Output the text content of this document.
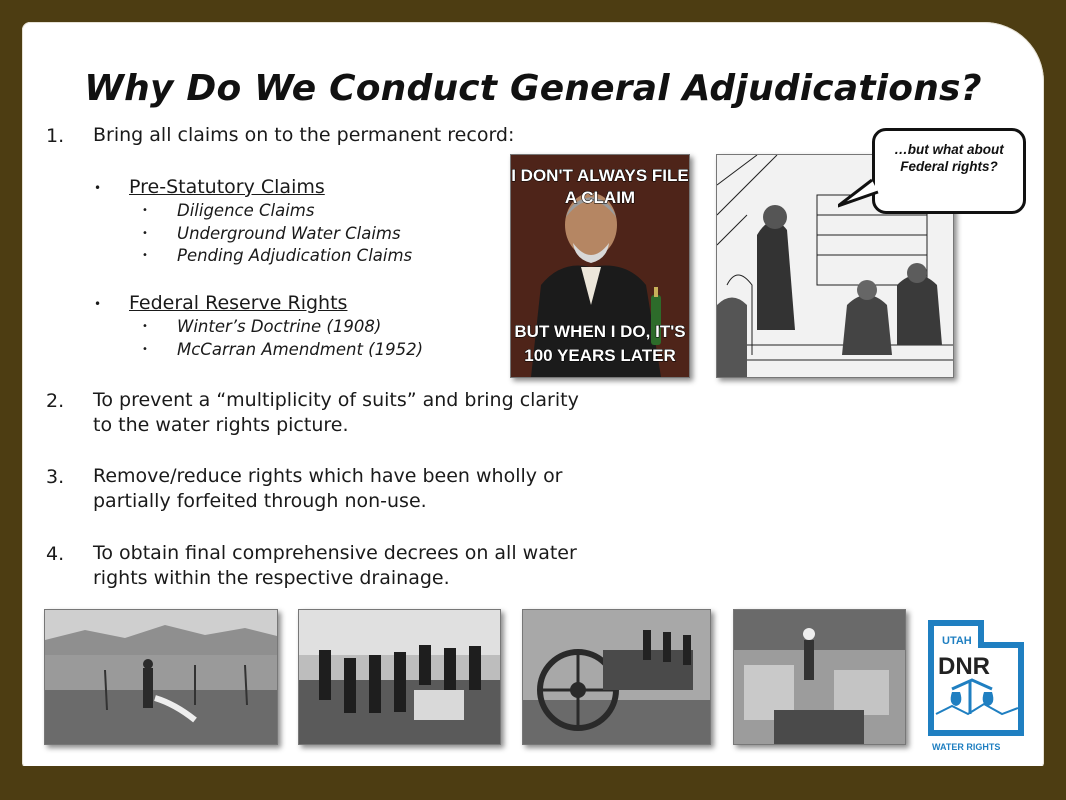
Why Do We Conduct General Adjudications?
1. Bring all claims on to the permanent record:
• Pre-Statutory Claims
• Diligence Claims
• Underground Water Claims
• Pending Adjudication Claims
• Federal Reserve Rights
• Winter’s Doctrine (1908)
• McCarran Amendment (1952)
2. To prevent a “multiplicity of suits” and bring clarity
to the water rights picture.
3. Remove/reduce rights which have been wholly or
partially forfeited through non-use.
4. To obtain final comprehensive decrees on all water
rights within the respective drainage.
I DON'T ALWAYS FILE
A CLAIM
BUT WHEN I DO, IT'S
100 YEARS LATER
…but what about Federal rights?
UTAH
DNR
WATER RIGHTS
